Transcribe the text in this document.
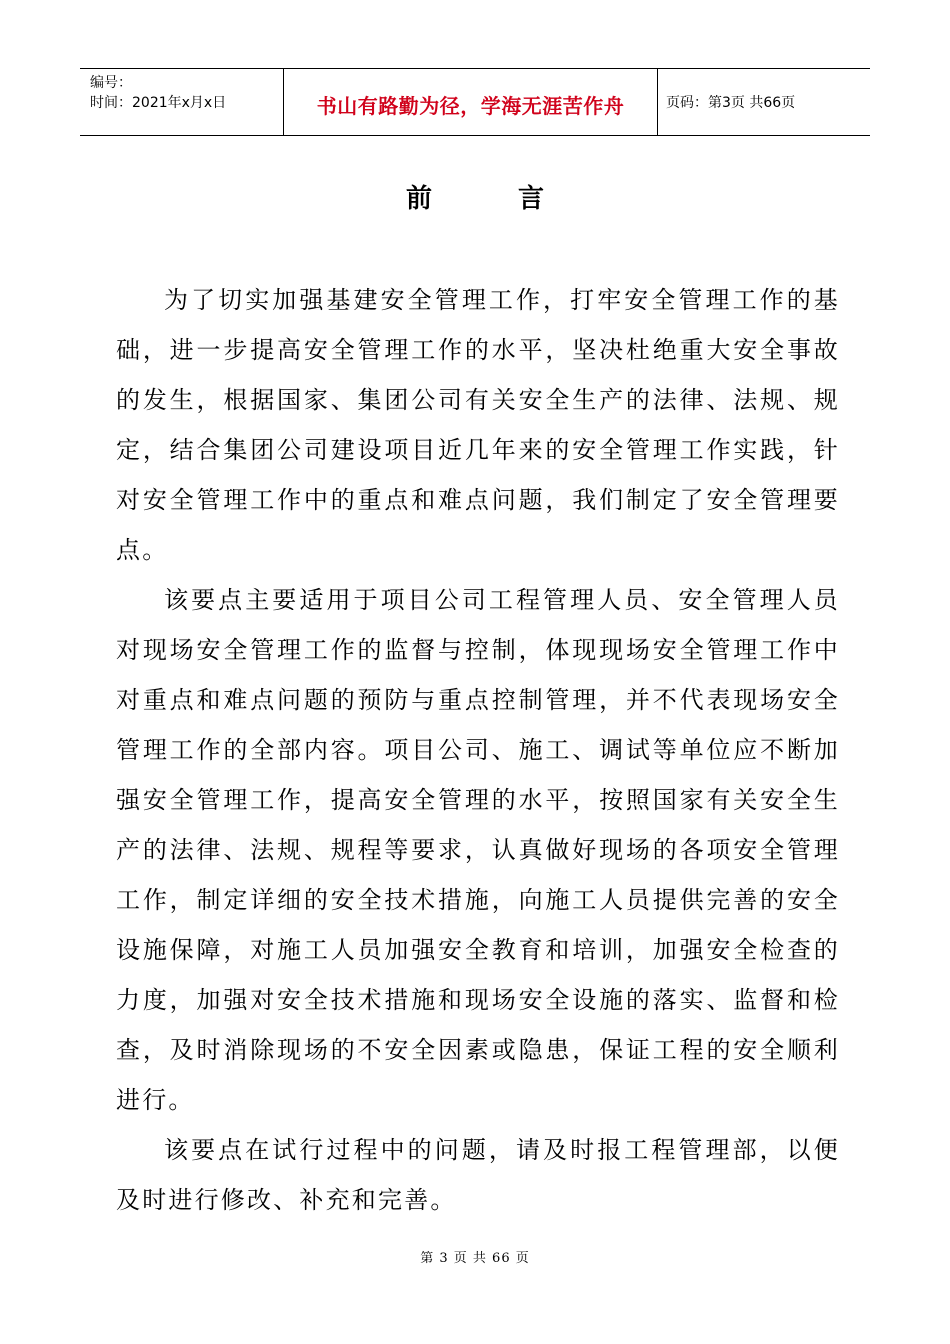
编号：
时间：2021年x月x日	书山有路勤为径，学海无涯苦作舟	页码：第3页 共66页
前言

为了切实加强基建安全管理工作，打牢安全管理工作的基础，进一步提高安全管理工作的水平，坚决杜绝重大安全事故的发生，根据国家、集团公司有关安全生产的法律、法规、规定，结合集团公司建设项目近几年来的安全管理工作实践，针对安全管理工作中的重点和难点问题，我们制定了安全管理要点。

该要点主要适用于项目公司工程管理人员、安全管理人员对现场安全管理工作的监督与控制，体现现场安全管理工作中对重点和难点问题的预防与重点控制管理，并不代表现场安全管理工作的全部内容。项目公司、施工、调试等单位应不断加强安全管理工作，提高安全管理的水平，按照国家有关安全生产的法律、法规、规程等要求，认真做好现场的各项安全管理工作，制定详细的安全技术措施，向施工人员提供完善的安全设施保障，对施工人员加强安全教育和培训，加强安全检查的力度，加强对安全技术措施和现场安全设施的落实、监督和检查，及时消除现场的不安全因素或隐患，保证工程的安全顺利进行。

该要点在试行过程中的问题，请及时报工程管理部，以便及时进行修改、补充和完善。

第 3 页 共 66 页
